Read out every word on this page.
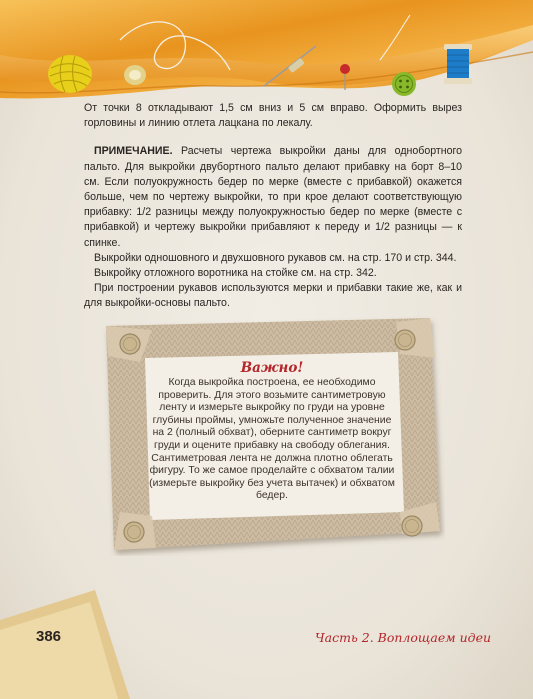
От точки 8 откладывают 1,5 см вниз и 5 см вправо. Оформить вырез горловины и линию отлета лацкана по лекалу.

ПРИМЕЧАНИЕ. Расчеты чертежа выкройки даны для однобортного пальто. Для выкройки двубортного пальто делают прибавку на борт 8–10 см. Если полуокружность бедер по мерке (вместе с прибавкой) окажется больше, чем по чертежу выкройки, то при крое делают соответствующую прибавку: 1/2 разницы между полуокружностью бедер по мерке (вместе с прибавкой) и чертежу выкройки прибавляют к переду и 1/2 разницы — к спинке.

Выкройки одношовного и двухшовного рукавов см. на стр. 170 и стр. 344.

Выкройку отложного воротника на стойке см. на стр. 342.

При построении рукавов используются мерки и прибавки такие же, как и для выкройки-основы пальто.

Важно!
Когда выкройка построена, ее необходимо проверить. Для этого возьмите сантиметровую ленту и измерьте выкройку по груди на уровне глубины проймы, умножьте полученное значение на 2 (полный обхват), оберните сантиметр вокруг груди и оцените прибавку на свободу облегания. Сантиметровая лента не должна плотно облегать фигуру. То же самое проделайте с обхватом талии (измерьте выкройку без учета вытачек) и обхватом бедер.
386	Часть 2. Воплощаем идеи
